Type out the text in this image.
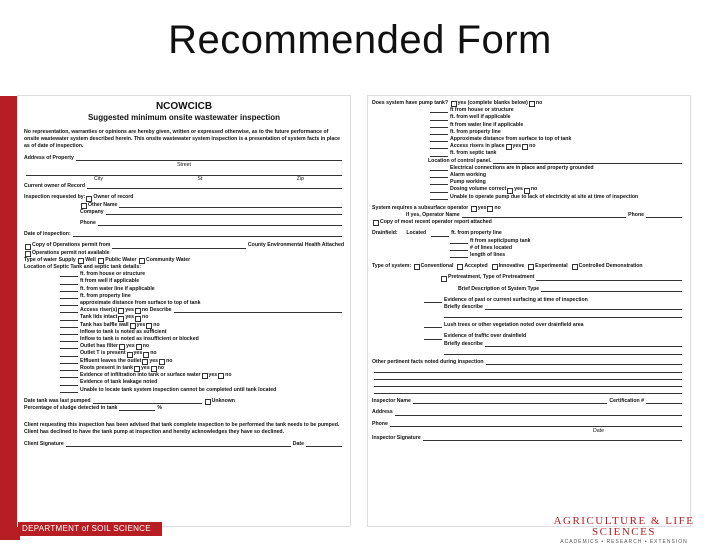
Recommended Form
NCOWCICB
Suggested minimum onsite wastewater inspection
No representation, warranties or opinions are hereby given, written or expressed otherwise, as to the future performance of onsite wastewater system described herein. This onsite wastewater system inspection is a presentation of system facts in place as of date of inspection.
Address of Property
Street
City	St	Zip
Current owner of Record
Inspection requested by: Owner of record
Other Name
Company
Phone
Date of inspection:
Copy of Operations permit from	County Environmental Health Attached
Operations permit not available
Type of water Supply
Well
Public Water
Community Water
Location of Septic Tank and septic tank details:
ft. from house or structure
ft from well if applicable
ft. from water line if applicable
ft. from property line
approximate distance from surface to top of tank
Access riser(s) yes no
Describe
Tank lids intact yes no
Tank has baffle wall yes no
Inflow to tank is noted as sufficient
Inflow to tank is noted as insufficient or blocked
Outlet has filter yes no
Outlet T is present yes no
Effluent leaves the outlet yes no
Roots present in tank yes no
Evidence of infiltration into tank or surface water yes no
Evidence of tank leakage noted
Unable to locate tank system inspection cannot be completed until tank located
Date tank was last pumped	Unknown
Percentage of sludge detected in tank	%
Client requesting this inspection has been advised that tank complete inspection to be performed the tank needs to be pumped. Client has declined to have the tank pump at inspection and hereby acknowledges they have so declined.
Client Signature	Date
Does system have pump tank?
yes (complete blanks below) no
ft from house or structure
ft. from well if applicable
ft from water line if applicable
ft. from property line
Approximate distance from surface to top of tank
Access risers in place yes no
ft. from septic tank
Location of control panel.
Electrical connections are in place and property grounded
Alarm working
Pump working
Dosing volume correct yes no
Unable to operate pump due to lack of electricity at site at time of inspection
System requires a subsurface operator
yes no
If yes, Operator Name	Phone
Copy of most recent operator report attached
Drainfield:
Located
	ft. from property line
ft from septic/pump tank
# of lines located
length of lines
Type of system:
Conventional
Accepted
Innovative
Experimental
Controlled Demonstration
Pretreatment, Type of Pretreatment
Brief Description of System Type
Evidence of past or current surfacing at time of inspection
Briefly describe
Lush trees or other vegetation noted over drainfield area
Evidence of traffic over drainfield
Briefly describe
Other pertinent facts noted during inspection
Inspector Name	Certification #
Address
Phone
Date
Inspector Signature
DEPARTMENT of SOIL SCIENCE
AGRICULTURE & LIFE SCIENCES
ACADEMICS • RESEARCH • EXTENSION
